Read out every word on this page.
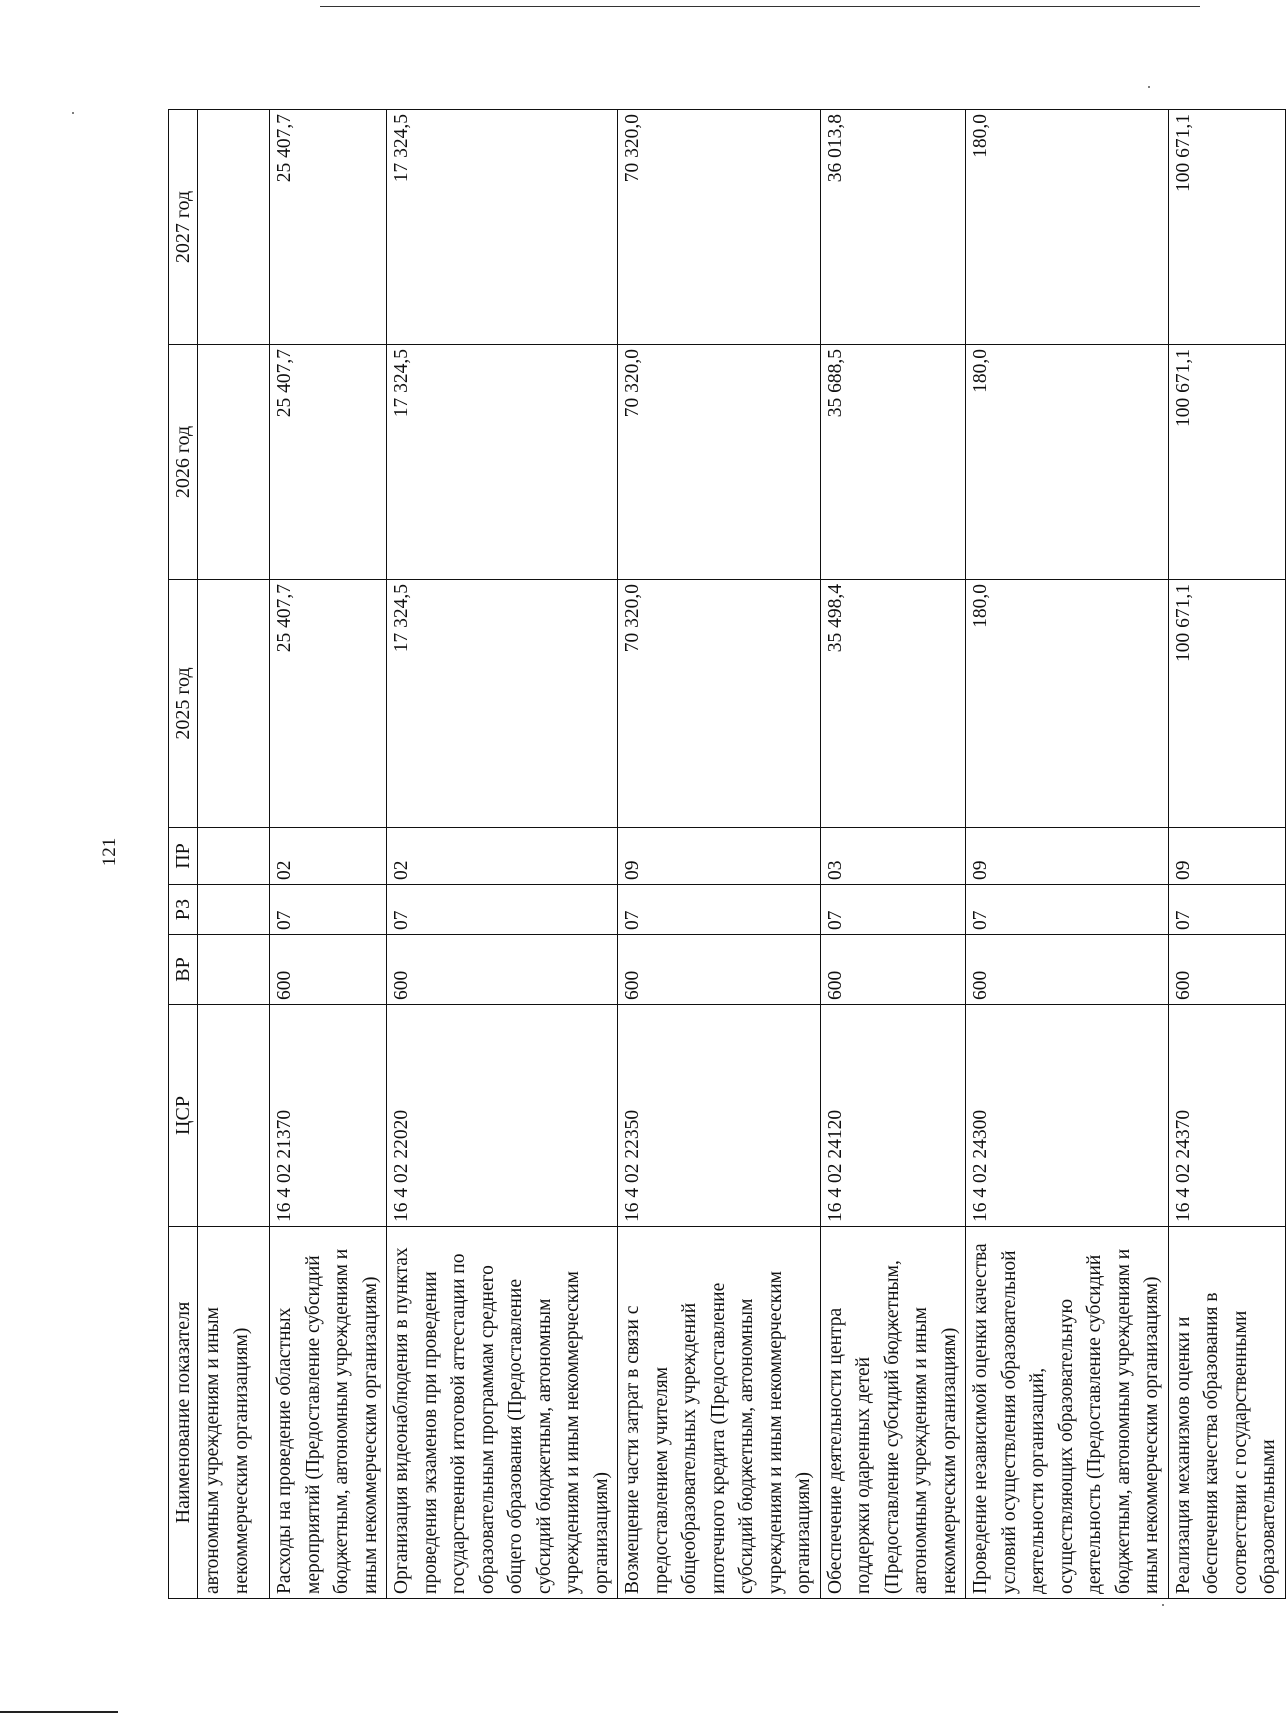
121
Наименование показателя	ЦСР	ВР	РЗ	ПР	2025 год	2026 год	2027 год
автономным учреждениям и иным некоммерческим организациям)							
Расходы на проведение областных мероприятий (Предоставление субсидий бюджетным, автономным учреждениям и иным некоммерческим организациям)	16 4 02 21370	600	07	02	25 407,7	25 407,7	25 407,7
Организация видеонаблюдения в пунктах проведения экзаменов при проведении государственной итоговой аттестации по образовательным программам среднего общего образования (Предоставление субсидий бюджетным, автономным учреждениям и иным некоммерческим организациям)	16 4 02 22020	600	07	02	17 324,5	17 324,5	17 324,5
Возмещение части затрат в связи с предоставлением учителям общеобразовательных учреждений ипотечного кредита (Предоставление субсидий бюджетным, автономным учреждениям и иным некоммерческим организациям)	16 4 02 22350	600	07	09	70 320,0	70 320,0	70 320,0
Обеспечение деятельности центра поддержки одаренных детей (Предоставление субсидий бюджетным, автономным учреждениям и иным некоммерческим организациям)	16 4 02 24120	600	07	03	35 498,4	35 688,5	36 013,8
Проведение независимой оценки качества условий осуществления образовательной деятельности организаций, осуществляющих образовательную деятельность (Предоставление субсидий бюджетным, автономным учреждениям и иным некоммерческим организациям)	16 4 02 24300	600	07	09	180,0	180,0	180,0
Реализация механизмов оценки и обеспечения качества образования в соответствии с государственными образовательными	16 4 02 24370	600	07	09	100 671,1	100 671,1	100 671,1
